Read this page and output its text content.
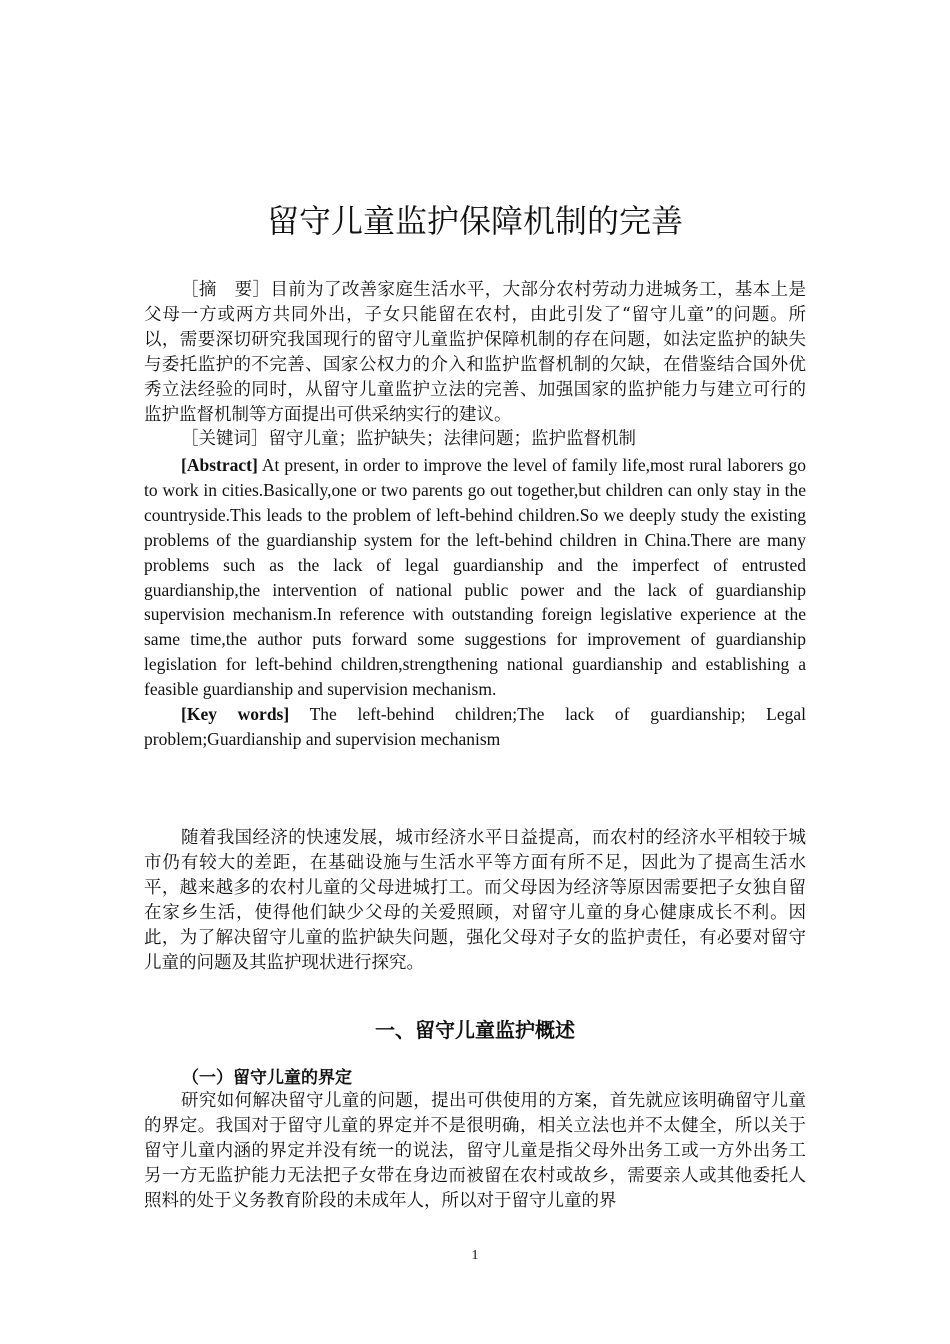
留守儿童监护保障机制的完善

［摘　要］目前为了改善家庭生活水平，大部分农村劳动力进城务工，基本上是父母一方或两方共同外出，子女只能留在农村，由此引发了“留守儿童”的问题。所以，需要深切研究我国现行的留守儿童监护保障机制的存在问题，如法定监护的缺失与委托监护的不完善、国家公权力的介入和监护监督机制的欠缺，在借鉴结合国外优秀立法经验的同时，从留守儿童监护立法的完善、加强国家的监护能力与建立可行的监护监督机制等方面提出可供采纳实行的建议。

［关键词］留守儿童；监护缺失；法律问题；监护监督机制

[Abstract] At present, in order to improve the level of family life,most rural laborers go to work in cities.Basically,one or two parents go out together,but children can only stay in the countryside.This leads to the problem of left-behind children.So we deeply study the existing problems of the guardianship system for the left-behind children in China.There are many problems such as the lack of legal guardianship and the imperfect of entrusted guardianship,the intervention of national public power and the lack of guardianship supervision mechanism.In reference with outstanding foreign legislative experience at the same time,the author puts forward some suggestions for improvement of guardianship legislation for left-behind children,strengthening national guardianship and establishing a feasible guardianship and supervision mechanism.

[Key words] The left-behind children;The lack of guardianship; Legal problem;Guardianship and supervision mechanism

随着我国经济的快速发展，城市经济水平日益提高，而农村的经济水平相较于城市仍有较大的差距，在基础设施与生活水平等方面有所不足，因此为了提高生活水平，越来越多的农村儿童的父母进城打工。而父母因为经济等原因需要把子女独自留在家乡生活，使得他们缺少父母的关爱照顾，对留守儿童的身心健康成长不利。因此，为了解决留守儿童的监护缺失问题，强化父母对子女的监护责任，有必要对留守儿童的问题及其监护现状进行探究。

一、留守儿童监护概述
（一）留守儿童的界定

研究如何解决留守儿童的问题，提出可供使用的方案，首先就应该明确留守儿童的界定。我国对于留守儿童的界定并不是很明确，相关立法也并不太健全，所以关于留守儿童内涵的界定并没有统一的说法，留守儿童是指父母外出务工或一方外出务工另一方无监护能力无法把子女带在身边而被留在农村或故乡，需要亲人或其他委托人照料的处于义务教育阶段的未成年人，所以对于留守儿童的界

1
